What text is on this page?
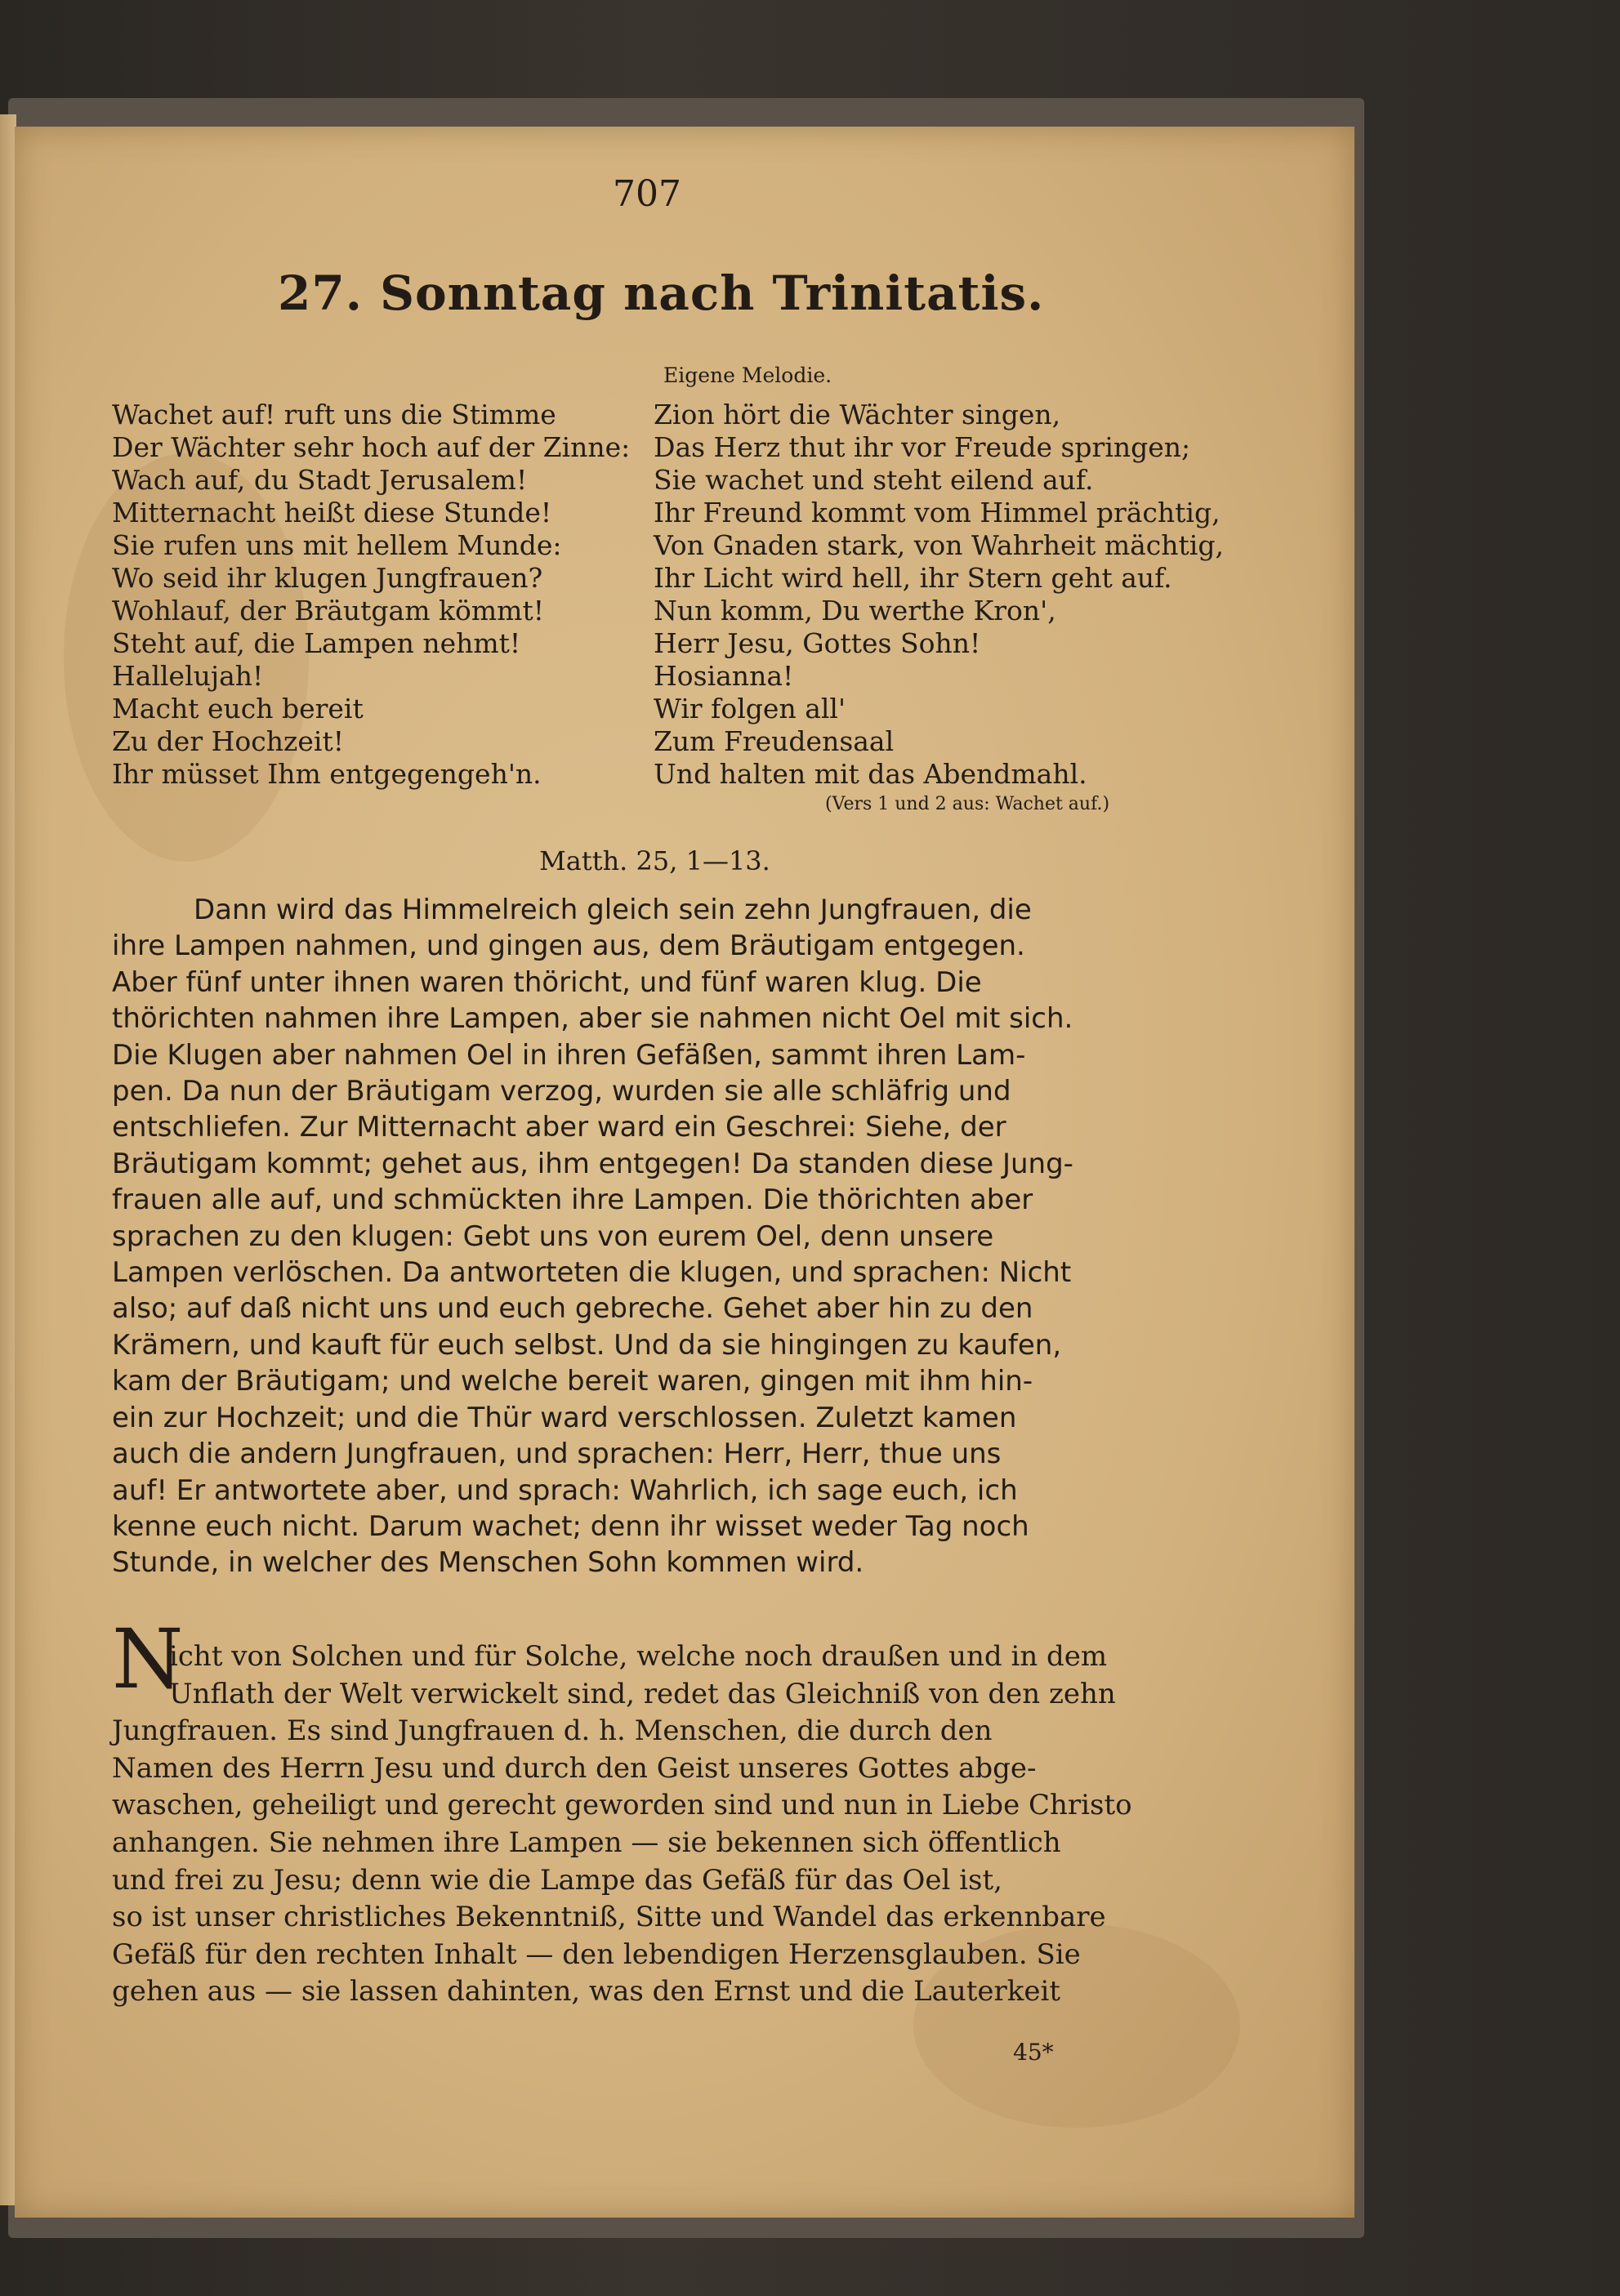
707
27. Sonntag nach Trinitatis.
Eigene Melodie.
Wachet auf! ruft uns die Stimme
Der Wächter sehr hoch auf der Zinne:
Wach auf, du Stadt Jerusalem!
Mitternacht heißt diese Stunde!
Sie rufen uns mit hellem Munde:
Wo seid ihr klugen Jungfrauen?
Wohlauf, der Bräutgam kömmt!
Steht auf, die Lampen nehmt!
Hallelujah!
Macht euch bereit
Zu der Hochzeit!
Ihr müsset Ihm entgegengeh'n.
Zion hört die Wächter singen,
Das Herz thut ihr vor Freude springen;
Sie wachet und steht eilend auf.
Ihr Freund kommt vom Himmel prächtig,
Von Gnaden stark, von Wahrheit mächtig,
Ihr Licht wird hell, ihr Stern geht auf.
Nun komm, Du werthe Kron',
Herr Jesu, Gottes Sohn!
Hosianna!
Wir folgen all'
Zum Freudensaal
Und halten mit das Abendmahl.
(Vers 1 und 2 aus: Wachet auf.)
Matth. 25, 1—13.
Dann wird das Himmelreich gleich sein zehn Jungfrauen, die
ihre Lampen nahmen, und gingen aus, dem Bräutigam entgegen.
Aber fünf unter ihnen waren thöricht, und fünf waren klug. Die
thörichten nahmen ihre Lampen, aber sie nahmen nicht Oel mit sich.
Die Klugen aber nahmen Oel in ihren Gefäßen, sammt ihren Lam-
pen. Da nun der Bräutigam verzog, wurden sie alle schläfrig und
entschliefen. Zur Mitternacht aber ward ein Geschrei: Siehe, der
Bräutigam kommt; gehet aus, ihm entgegen! Da standen diese Jung-
frauen alle auf, und schmückten ihre Lampen. Die thörichten aber
sprachen zu den klugen: Gebt uns von eurem Oel, denn unsere
Lampen verlöschen. Da antworteten die klugen, und sprachen: Nicht
also; auf daß nicht uns und euch gebreche. Gehet aber hin zu den
Krämern, und kauft für euch selbst. Und da sie hingingen zu kaufen,
kam der Bräutigam; und welche bereit waren, gingen mit ihm hin-
ein zur Hochzeit; und die Thür ward verschlossen. Zuletzt kamen
auch die andern Jungfrauen, und sprachen: Herr, Herr, thue uns
auf! Er antwortete aber, und sprach: Wahrlich, ich sage euch, ich
kenne euch nicht. Darum wachet; denn ihr wisset weder Tag noch
Stunde, in welcher des Menschen Sohn kommen wird.
N
icht von Solchen und für Solche, welche noch draußen und in dem
Unflath der Welt verwickelt sind, redet das Gleichniß von den zehn
Jungfrauen. Es sind Jungfrauen d. h. Menschen, die durch den
Namen des Herrn Jesu und durch den Geist unseres Gottes abge-
waschen, geheiligt und gerecht geworden sind und nun in Liebe Christo
anhangen. Sie nehmen ihre Lampen — sie bekennen sich öffentlich
und frei zu Jesu; denn wie die Lampe das Gefäß für das Oel ist,
so ist unser christliches Bekenntniß, Sitte und Wandel das erkennbare
Gefäß für den rechten Inhalt — den lebendigen Herzensglauben. Sie
gehen aus — sie lassen dahinten, was den Ernst und die Lauterkeit
45*
